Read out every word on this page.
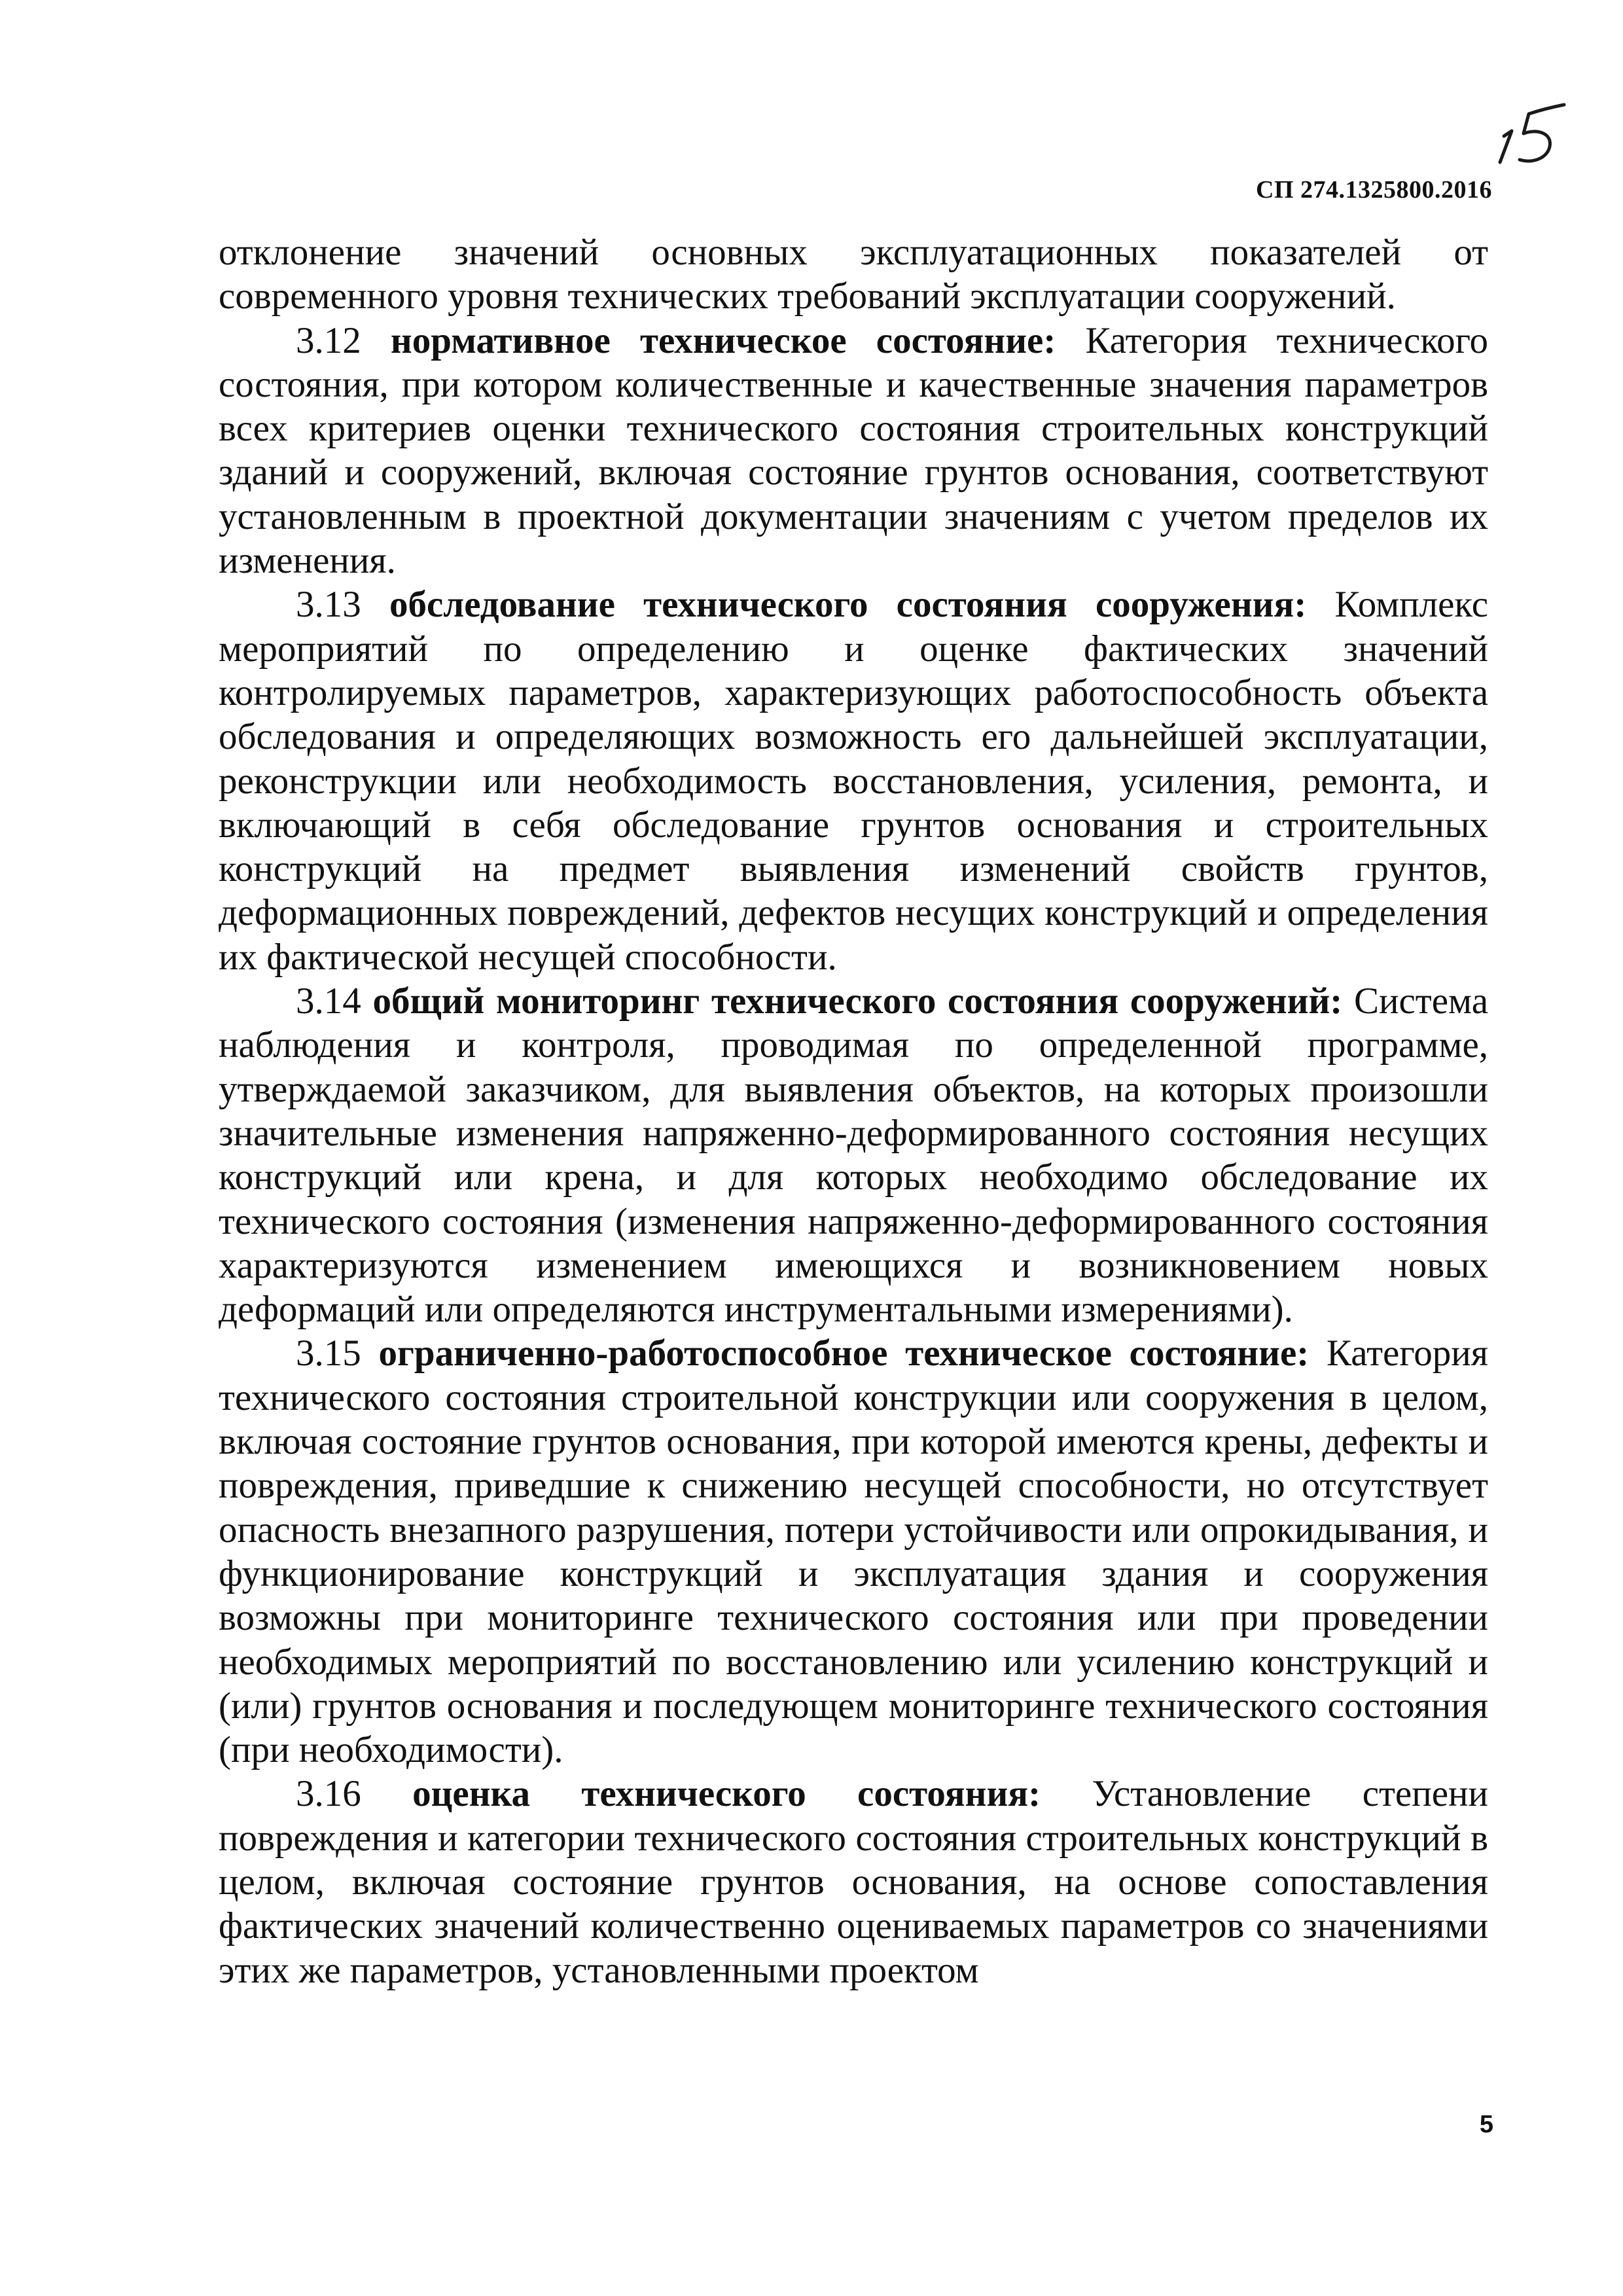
СП 274.1325800.2016

отклонение значений основных эксплуатационных показателей от современного уровня технических требований эксплуатации сооружений.

3.12 нормативное техническое состояние: Категория технического состояния, при котором количественные и качественные значения параметров всех критериев оценки технического состояния строительных конструкций зданий и сооружений, включая состояние грунтов основания, соответствуют установленным в проектной документации значениям с учетом пределов их изменения.

3.13 обследование технического состояния сооружения: Комплекс мероприятий по определению и оценке фактических значений контролируемых параметров, характеризующих работоспособность объекта обследования и определяющих возможность его дальнейшей эксплуатации, реконструкции или необходимость восстановления, усиления, ремонта, и включающий в себя обследование грунтов основания и строительных конструкций на предмет выявления изменений свойств грунтов, деформационных повреждений, дефектов несущих конструкций и определения их фактической несущей способности.

3.14 общий мониторинг технического состояния сооружений: Система наблюдения и контроля, проводимая по определенной программе, утверждаемой заказчиком, для выявления объектов, на которых произошли значительные изменения напряженно-деформированного состояния несущих конструкций или крена, и для которых необходимо обследование их технического состояния (изменения напряженно-деформированного состояния характеризуются изменением имеющихся и возникновением новых деформаций или определяются инструментальными измерениями).

3.15 ограниченно-работоспособное техническое состояние: Категория технического состояния строительной конструкции или сооружения в целом, включая состояние грунтов основания, при которой имеются крены, дефекты и повреждения, приведшие к снижению несущей способности, но отсутствует опасность внезапного разрушения, потери устойчивости или опрокидывания, и функционирование конструкций и эксплуатация здания и сооружения возможны при мониторинге технического состояния или при проведении необходимых мероприятий по восстановлению или усилению конструкций и (или) грунтов основания и последующем мониторинге технического состояния (при необходимости).

3.16 оценка технического состояния: Установление степени повреждения и категории технического состояния строительных конструкций в целом, включая состояние грунтов основания, на основе сопоставления фактических значений количественно оцениваемых параметров со значениями этих же параметров, установленными проектом

5
